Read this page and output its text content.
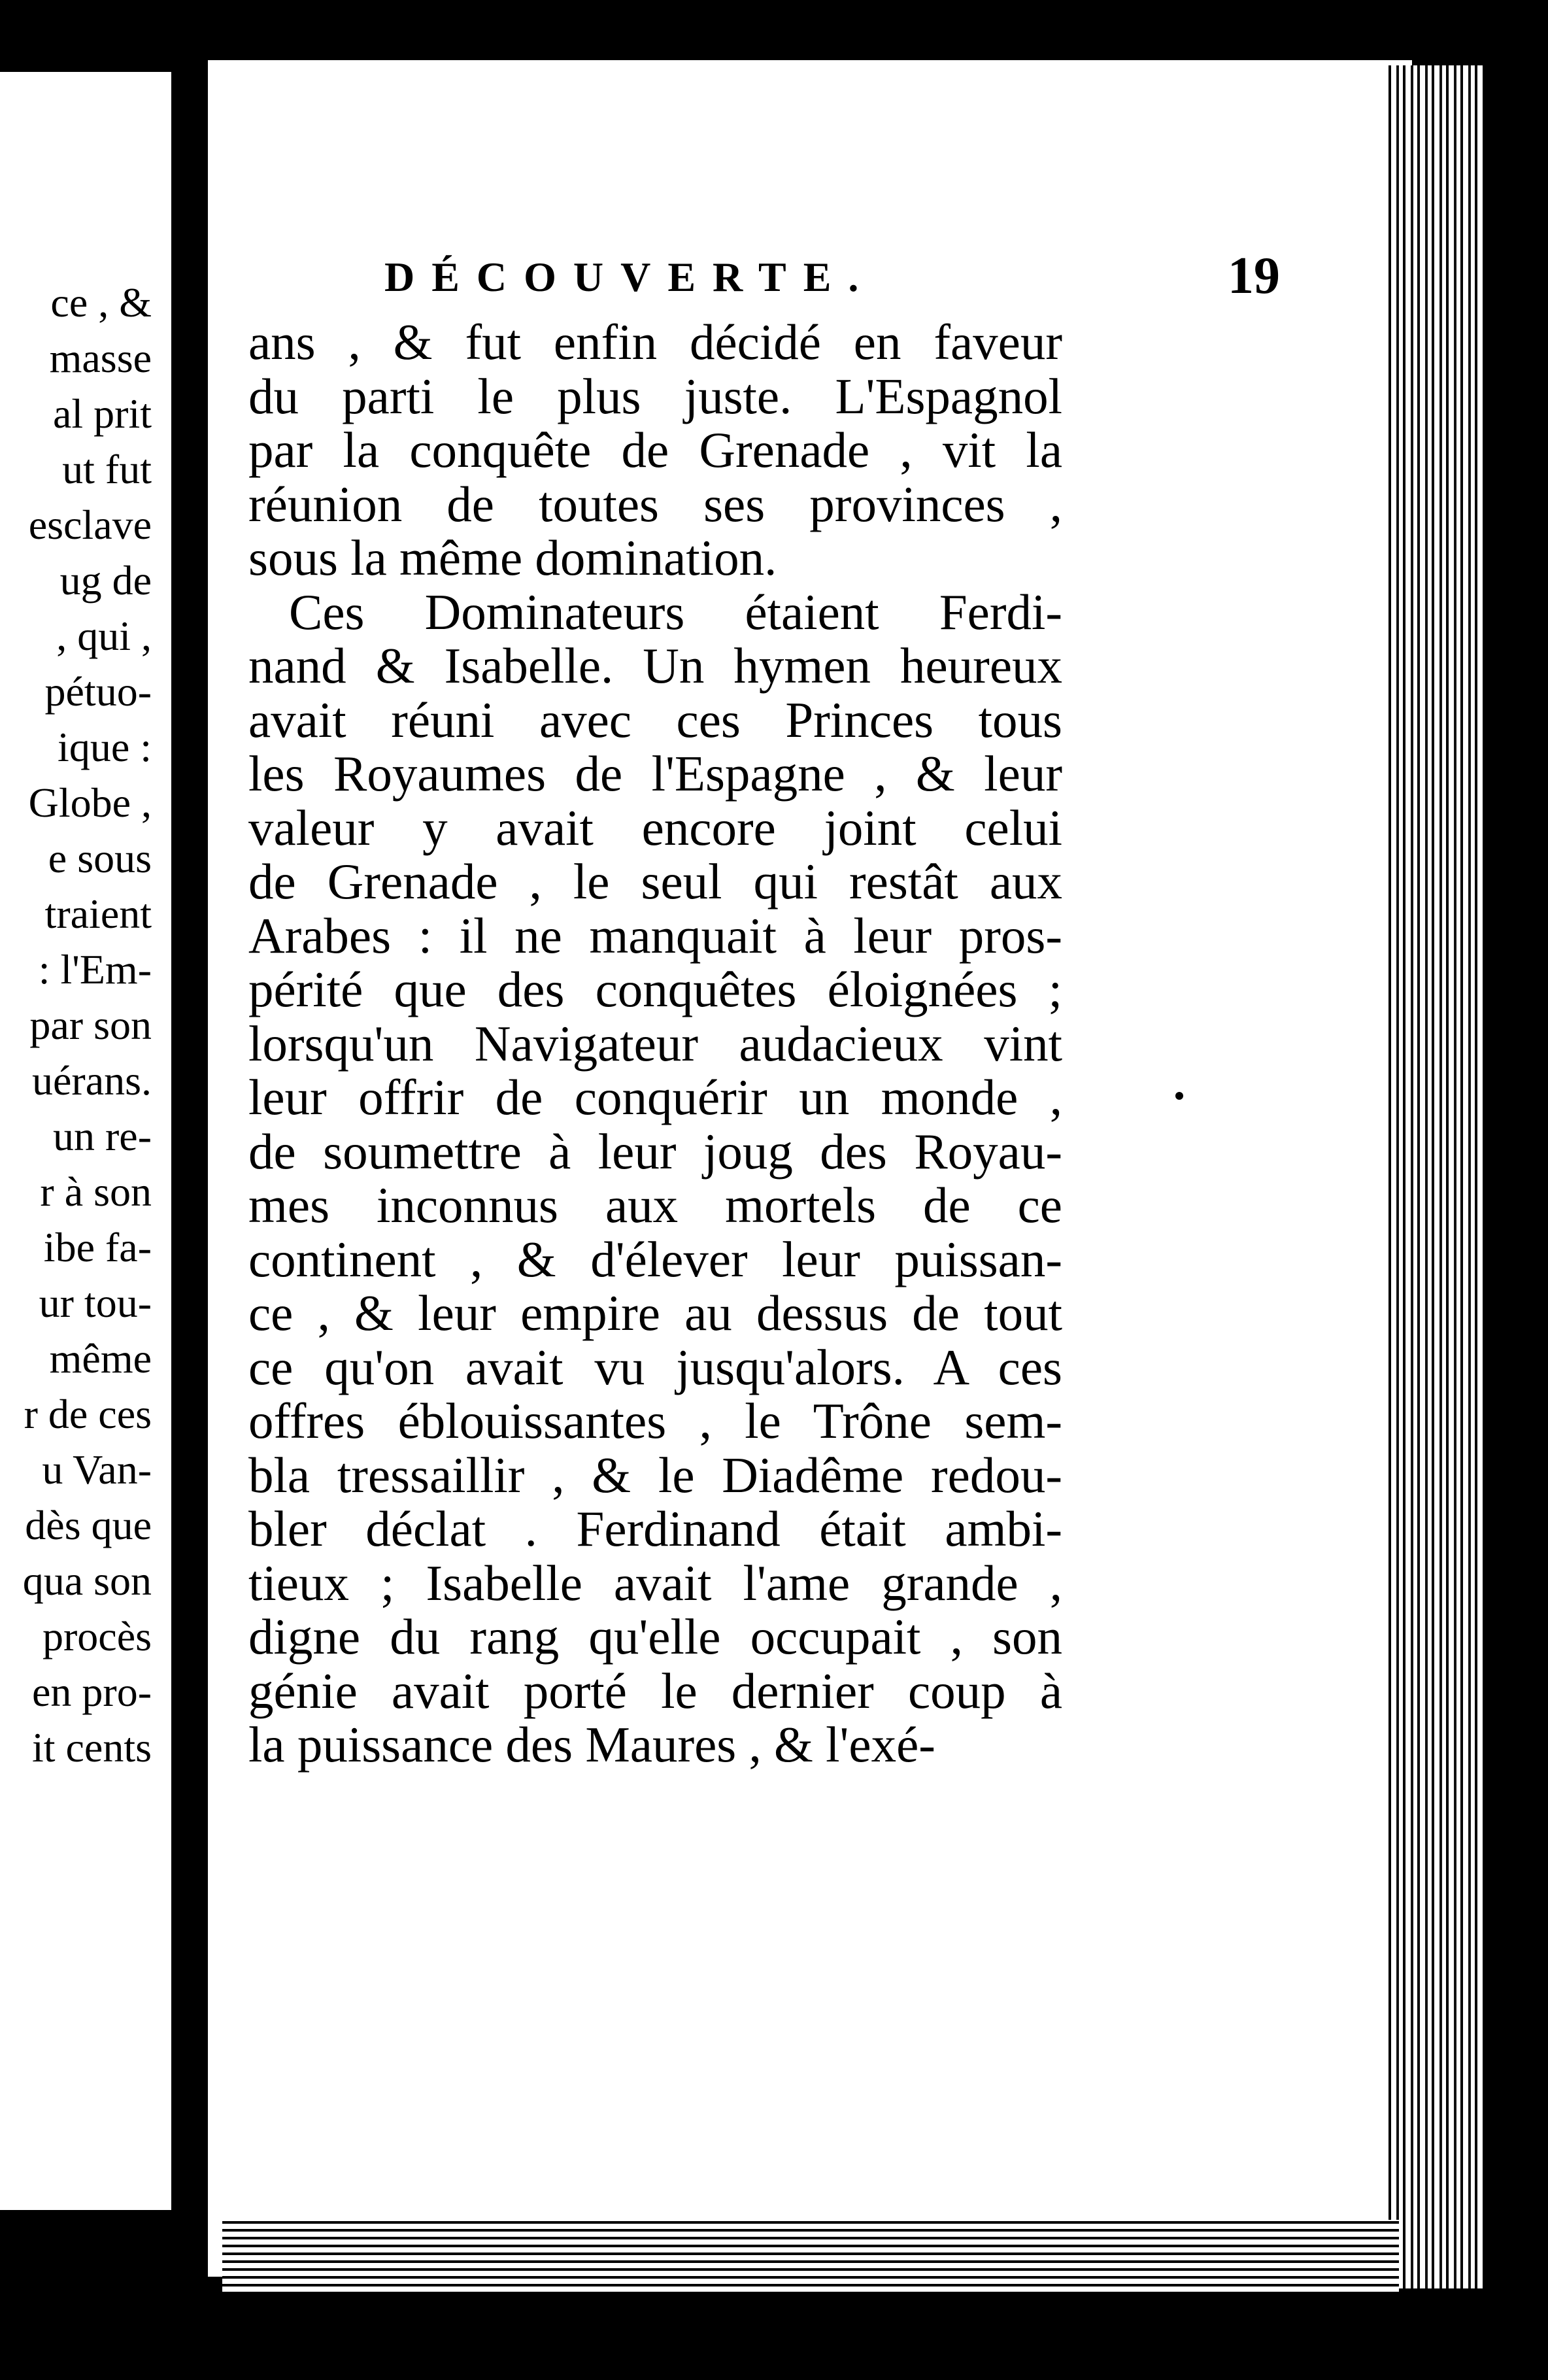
ce , &
masse
al prit
ut fut
esclave
ug de
, qui ,
pétuo-
ique :
Globe ,
e sous
traient
: l'Em-
par son
uérans.
un re-
r à son
ibe fa-
ur tou-
même
r de ces
u Van-
dès que
qua son
procès
en pro-
it cents
DÉCOUVERTE.	19
ans , & fut enfin décidé en faveur
du parti le plus juste. L'Espagnol
par la conquête de Grenade , vit la
réunion de toutes ses provinces ,
sous la même domination.
Ces Dominateurs étaient Ferdi-
nand & Isabelle. Un hymen heureux
avait réuni avec ces Princes tous
les Royaumes de l'Espagne , & leur
valeur y avait encore joint celui
de Grenade , le seul qui restât aux
Arabes : il ne manquait à leur pros-
périté que des conquêtes éloignées ;
lorsqu'un Navigateur audacieux vint
leur offrir de conquérir un monde ,
de soumettre à leur joug des Royau-
mes inconnus aux mortels de ce
continent , & d'élever leur puissan-
ce , & leur empire au dessus de tout
ce qu'on avait vu jusqu'alors. A ces
offres éblouissantes , le Trône sem-
bla tressaillir , & le Diadême redou-
bler déclat . Ferdinand était ambi-
tieux ; Isabelle avait l'ame grande ,
digne du rang qu'elle occupait , son
génie avait porté le dernier coup à
la puissance des Maures , & l'exé-
